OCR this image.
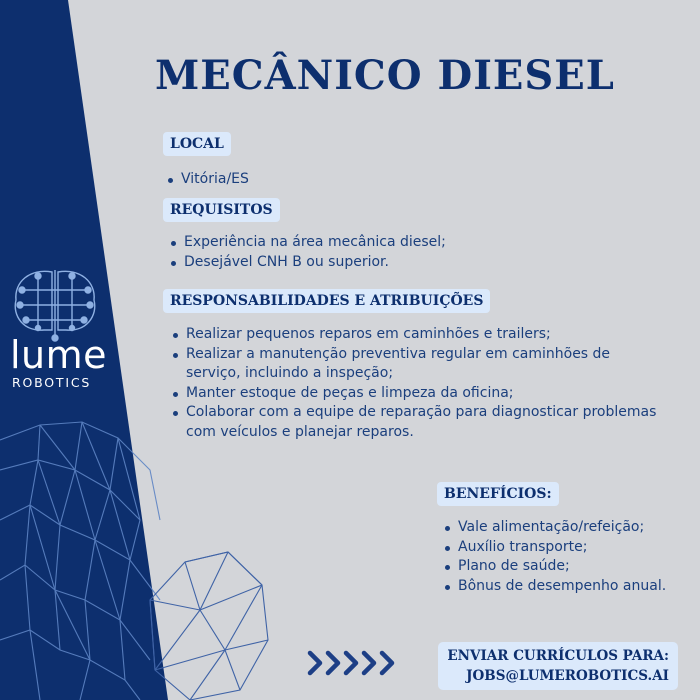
lume
ROBOTICS
MECÂNICO DIESEL
LOCAL
Vitória/ES
REQUISITOS
Experiência na área mecânica diesel;
Desejável CNH B ou superior.
RESPONSABILIDADES E ATRIBUIÇÕES
Realizar pequenos reparos em caminhões e trailers;
Realizar a manutenção preventiva regular em caminhões de serviço, incluindo a inspeção;
Manter estoque de peças e limpeza da oficina;
Colaborar com a equipe de reparação para diagnosticar problemas com veículos e planejar reparos.
BENEFÍCIOS:
Vale alimentação/refeição;
Auxílio transporte;
Plano de saúde;
Bônus de desempenho anual.
ENVIAR CURRÍCULOS PARA:
JOBS@LUMEROBOTICS.AI
